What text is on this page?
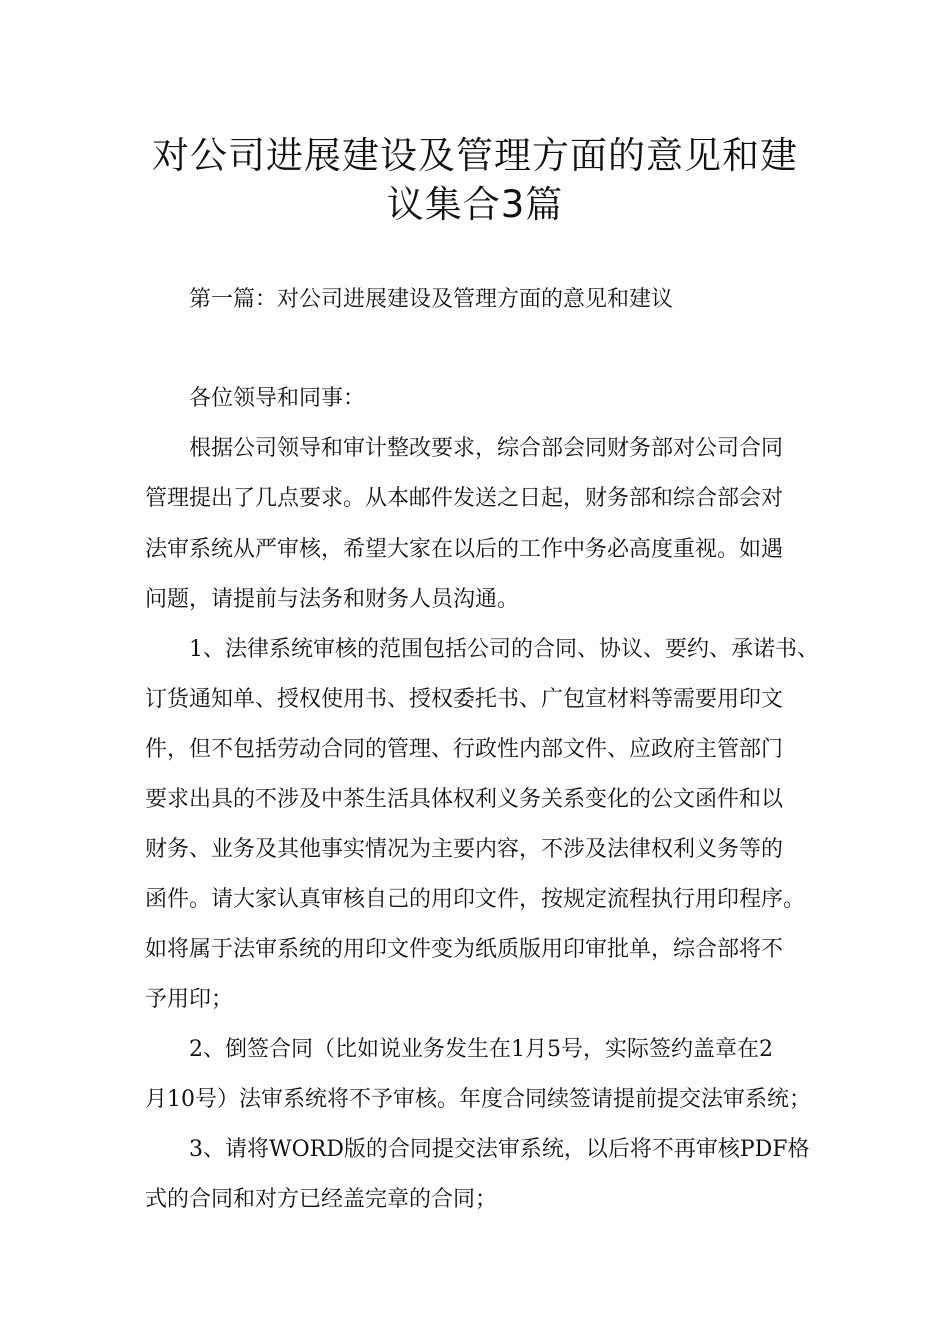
对公司进展建设及管理方面的意见和建
议集合3篇
第一篇：对公司进展建设及管理方面的意见和建议
各位领导和同事：
根据公司领导和审计整改要求，综合部会同财务部对公司合同
管理提出了几点要求。从本邮件发送之日起，财务部和综合部会对
法审系统从严审核，希望大家在以后的工作中务必高度重视。如遇
问题，请提前与法务和财务人员沟通。
1、法律系统审核的范围包括公司的合同、协议、要约、承诺书、
订货通知单、授权使用书、授权委托书、广包宣材料等需要用印文
件，但不包括劳动合同的管理、行政性内部文件、应政府主管部门
要求出具的不涉及中茶生活具体权利义务关系变化的公文函件和以
财务、业务及其他事实情况为主要内容，不涉及法律权利义务等的
函件。请大家认真审核自己的用印文件，按规定流程执行用印程序。
如将属于法审系统的用印文件变为纸质版用印审批单，综合部将不
予用印；
2、倒签合同（比如说业务发生在1月5号，实际签约盖章在2
月10号）法审系统将不予审核。年度合同续签请提前提交法审系统；
3、请将WORD版的合同提交法审系统，以后将不再审核PDF格
式的合同和对方已经盖完章的合同；
